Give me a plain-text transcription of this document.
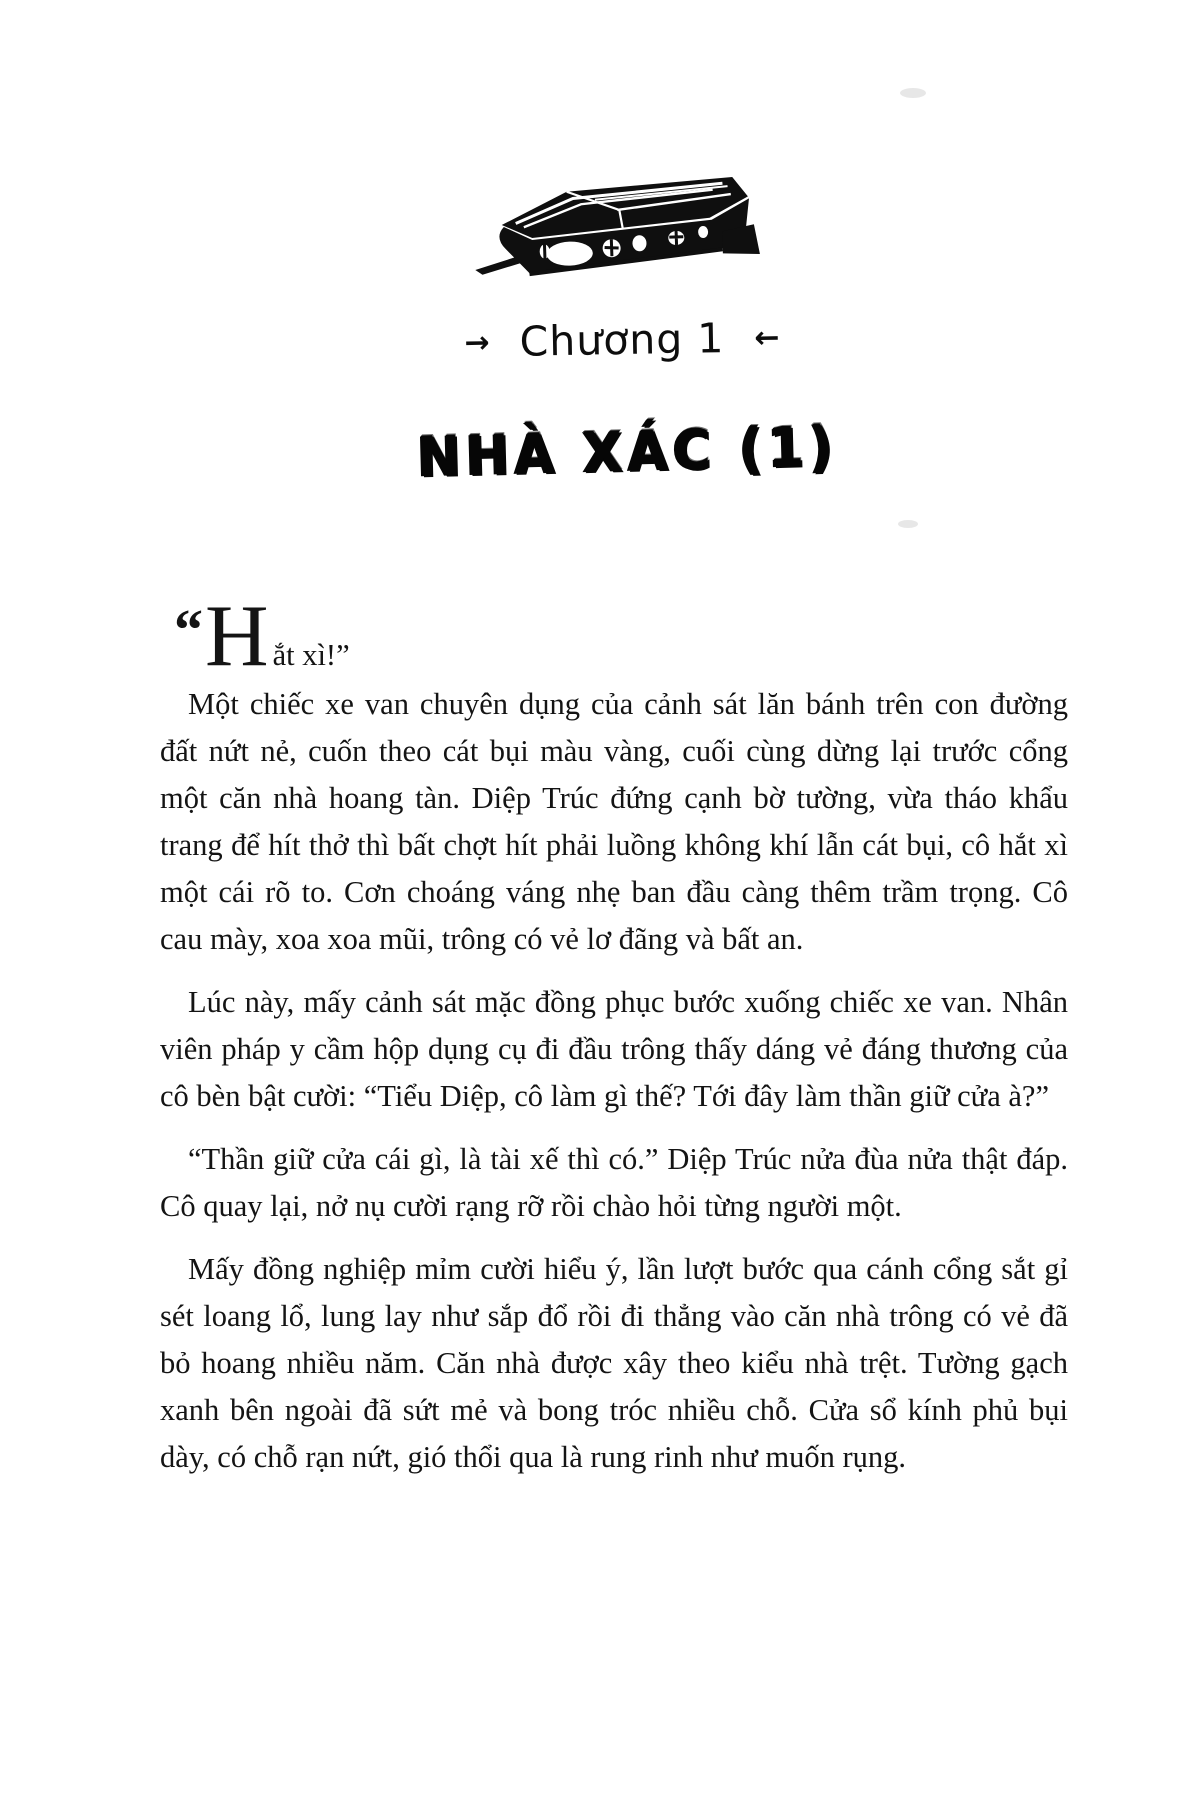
→ Chương 1 ←
NHÀ XÁC (1)
“ H ắt xì!”

Một chiếc xe van chuyên dụng của cảnh sát lăn bánh trên con đường đất nứt nẻ, cuốn theo cát bụi màu vàng, cuối cùng dừng lại trước cổng một căn nhà hoang tàn. Diệp Trúc đứng cạnh bờ tường, vừa tháo khẩu trang để hít thở thì bất chợt hít phải luồng không khí lẫn cát bụi, cô hắt xì một cái rõ to. Cơn choáng váng nhẹ ban đầu càng thêm trầm trọng. Cô cau mày, xoa xoa mũi, trông có vẻ lơ đãng và bất an.

Lúc này, mấy cảnh sát mặc đồng phục bước xuống chiếc xe van. Nhân viên pháp y cầm hộp dụng cụ đi đầu trông thấy dáng vẻ đáng thương của cô bèn bật cười: “Tiểu Diệp, cô làm gì thế? Tới đây làm thần giữ cửa à?”

“Thần giữ cửa cái gì, là tài xế thì có.” Diệp Trúc nửa đùa nửa thật đáp. Cô quay lại, nở nụ cười rạng rỡ rồi chào hỏi từng người một.

Mấy đồng nghiệp mỉm cười hiểu ý, lần lượt bước qua cánh cổng sắt gỉ sét loang lổ, lung lay như sắp đổ rồi đi thẳng vào căn nhà trông có vẻ đã bỏ hoang nhiều năm. Căn nhà được xây theo kiểu nhà trệt. Tường gạch xanh bên ngoài đã sứt mẻ và bong tróc nhiều chỗ. Cửa sổ kính phủ bụi dày, có chỗ rạn nứt, gió thổi qua là rung rinh như muốn rụng.
